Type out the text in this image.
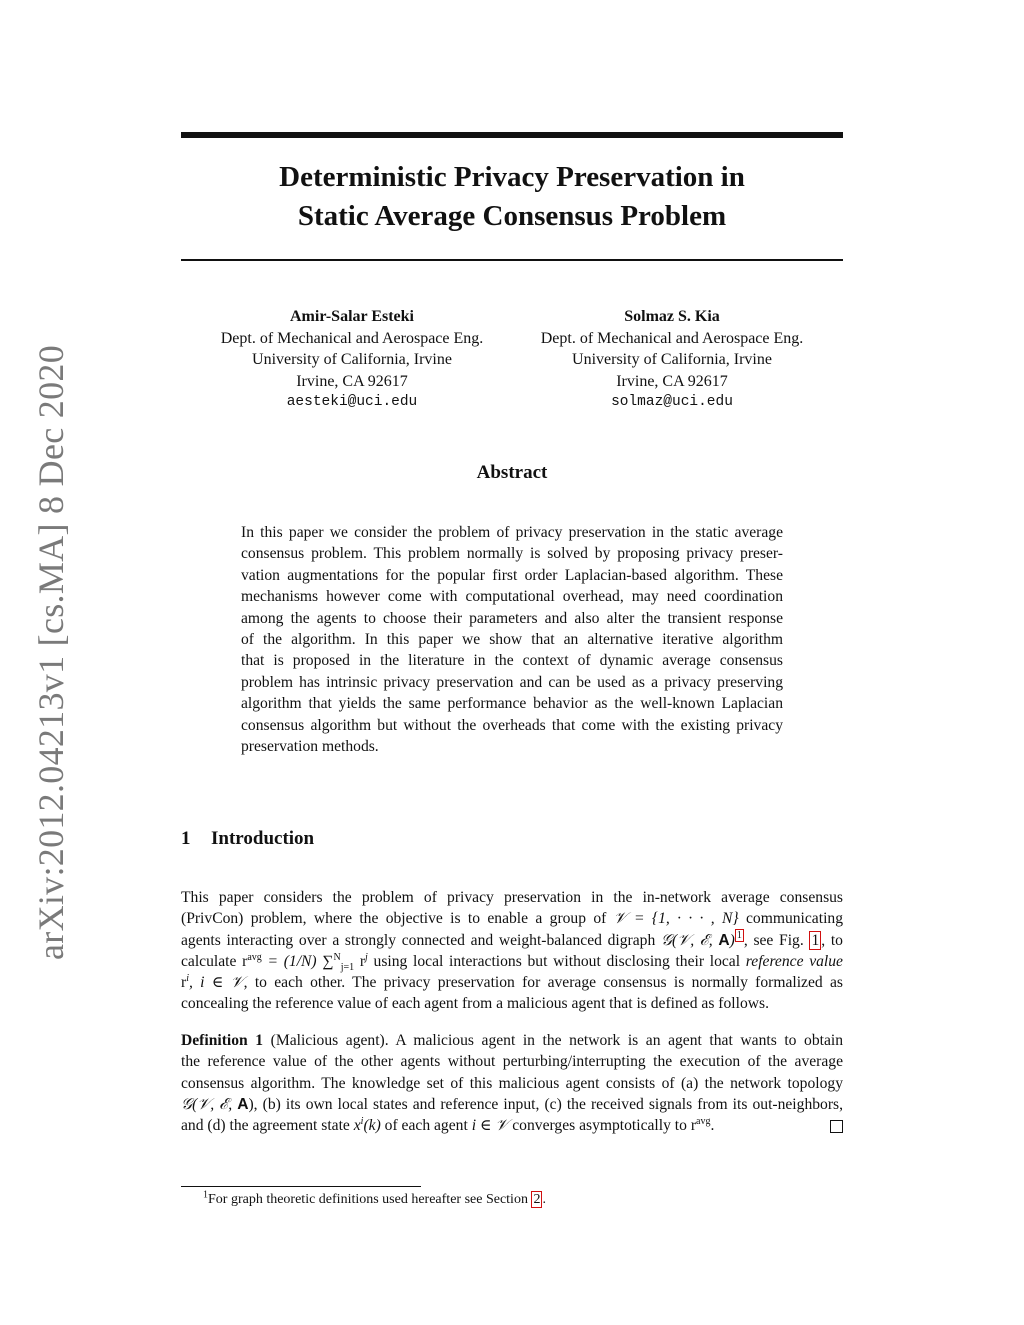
arXiv:2012.04213v1 [cs.MA] 8 Dec 2020
Deterministic Privacy Preservation in
Static Average Consensus Problem
Amir-Salar Esteki
Dept. of Mechanical and Aerospace Eng.
University of California, Irvine
Irvine, CA 92617
aesteki@uci.edu
Solmaz S. Kia
Dept. of Mechanical and Aerospace Eng.
University of California, Irvine
Irvine, CA 92617
solmaz@uci.edu
Abstract
In this paper we consider the problem of privacy preservation in the static average
consensus problem. This problem normally is solved by proposing privacy preser-
vation augmentations for the popular first order Laplacian-based algorithm. These
mechanisms however come with computational overhead, may need coordination
among the agents to choose their parameters and also alter the transient response
of the algorithm. In this paper we show that an alternative iterative algorithm
that is proposed in the literature in the context of dynamic average consensus
problem has intrinsic privacy preservation and can be used as a privacy preserving
algorithm that yields the same performance behavior as the well-known Laplacian
consensus algorithm but without the overheads that come with the existing privacy
preservation methods.
1 Introduction
This paper considers the problem of privacy preservation in the in-network average consensus
(PrivCon) problem, where the objective is to enable a group of 𝒱 = {1, · · · , N} communicating
agents interacting over a strongly connected and weight-balanced digraph 𝒢(𝒱, ℰ, A) $^1$ , see Fig. 1 , to
calculate $r^{avg} = (1/N)$ ∑$^N_{j=1}$ $r^j$ using local interactions but without disclosing their local reference value
$r^i$, i ∈ 𝒱, to each other. The privacy preservation for average consensus is normally formalized as
concealing the reference value of each agent from a malicious agent that is defined as follows.
Definition 1 (Malicious agent). A malicious agent in the network is an agent that wants to obtain
the reference value of the other agents without perturbing/interrupting the execution of the average
consensus algorithm. The knowledge set of this malicious agent consists of (a) the network topology
𝒢(𝒱, ℰ, A), (b) its own local states and reference input, (c) the received signals from its out-neighbors,
and (d) the agreement state $x^i(k)$ of each agent i ∈ 𝒱 converges asymptotically to $r^{avg}$.
$^1$For graph theoretic definitions used hereafter see Section 2 .
